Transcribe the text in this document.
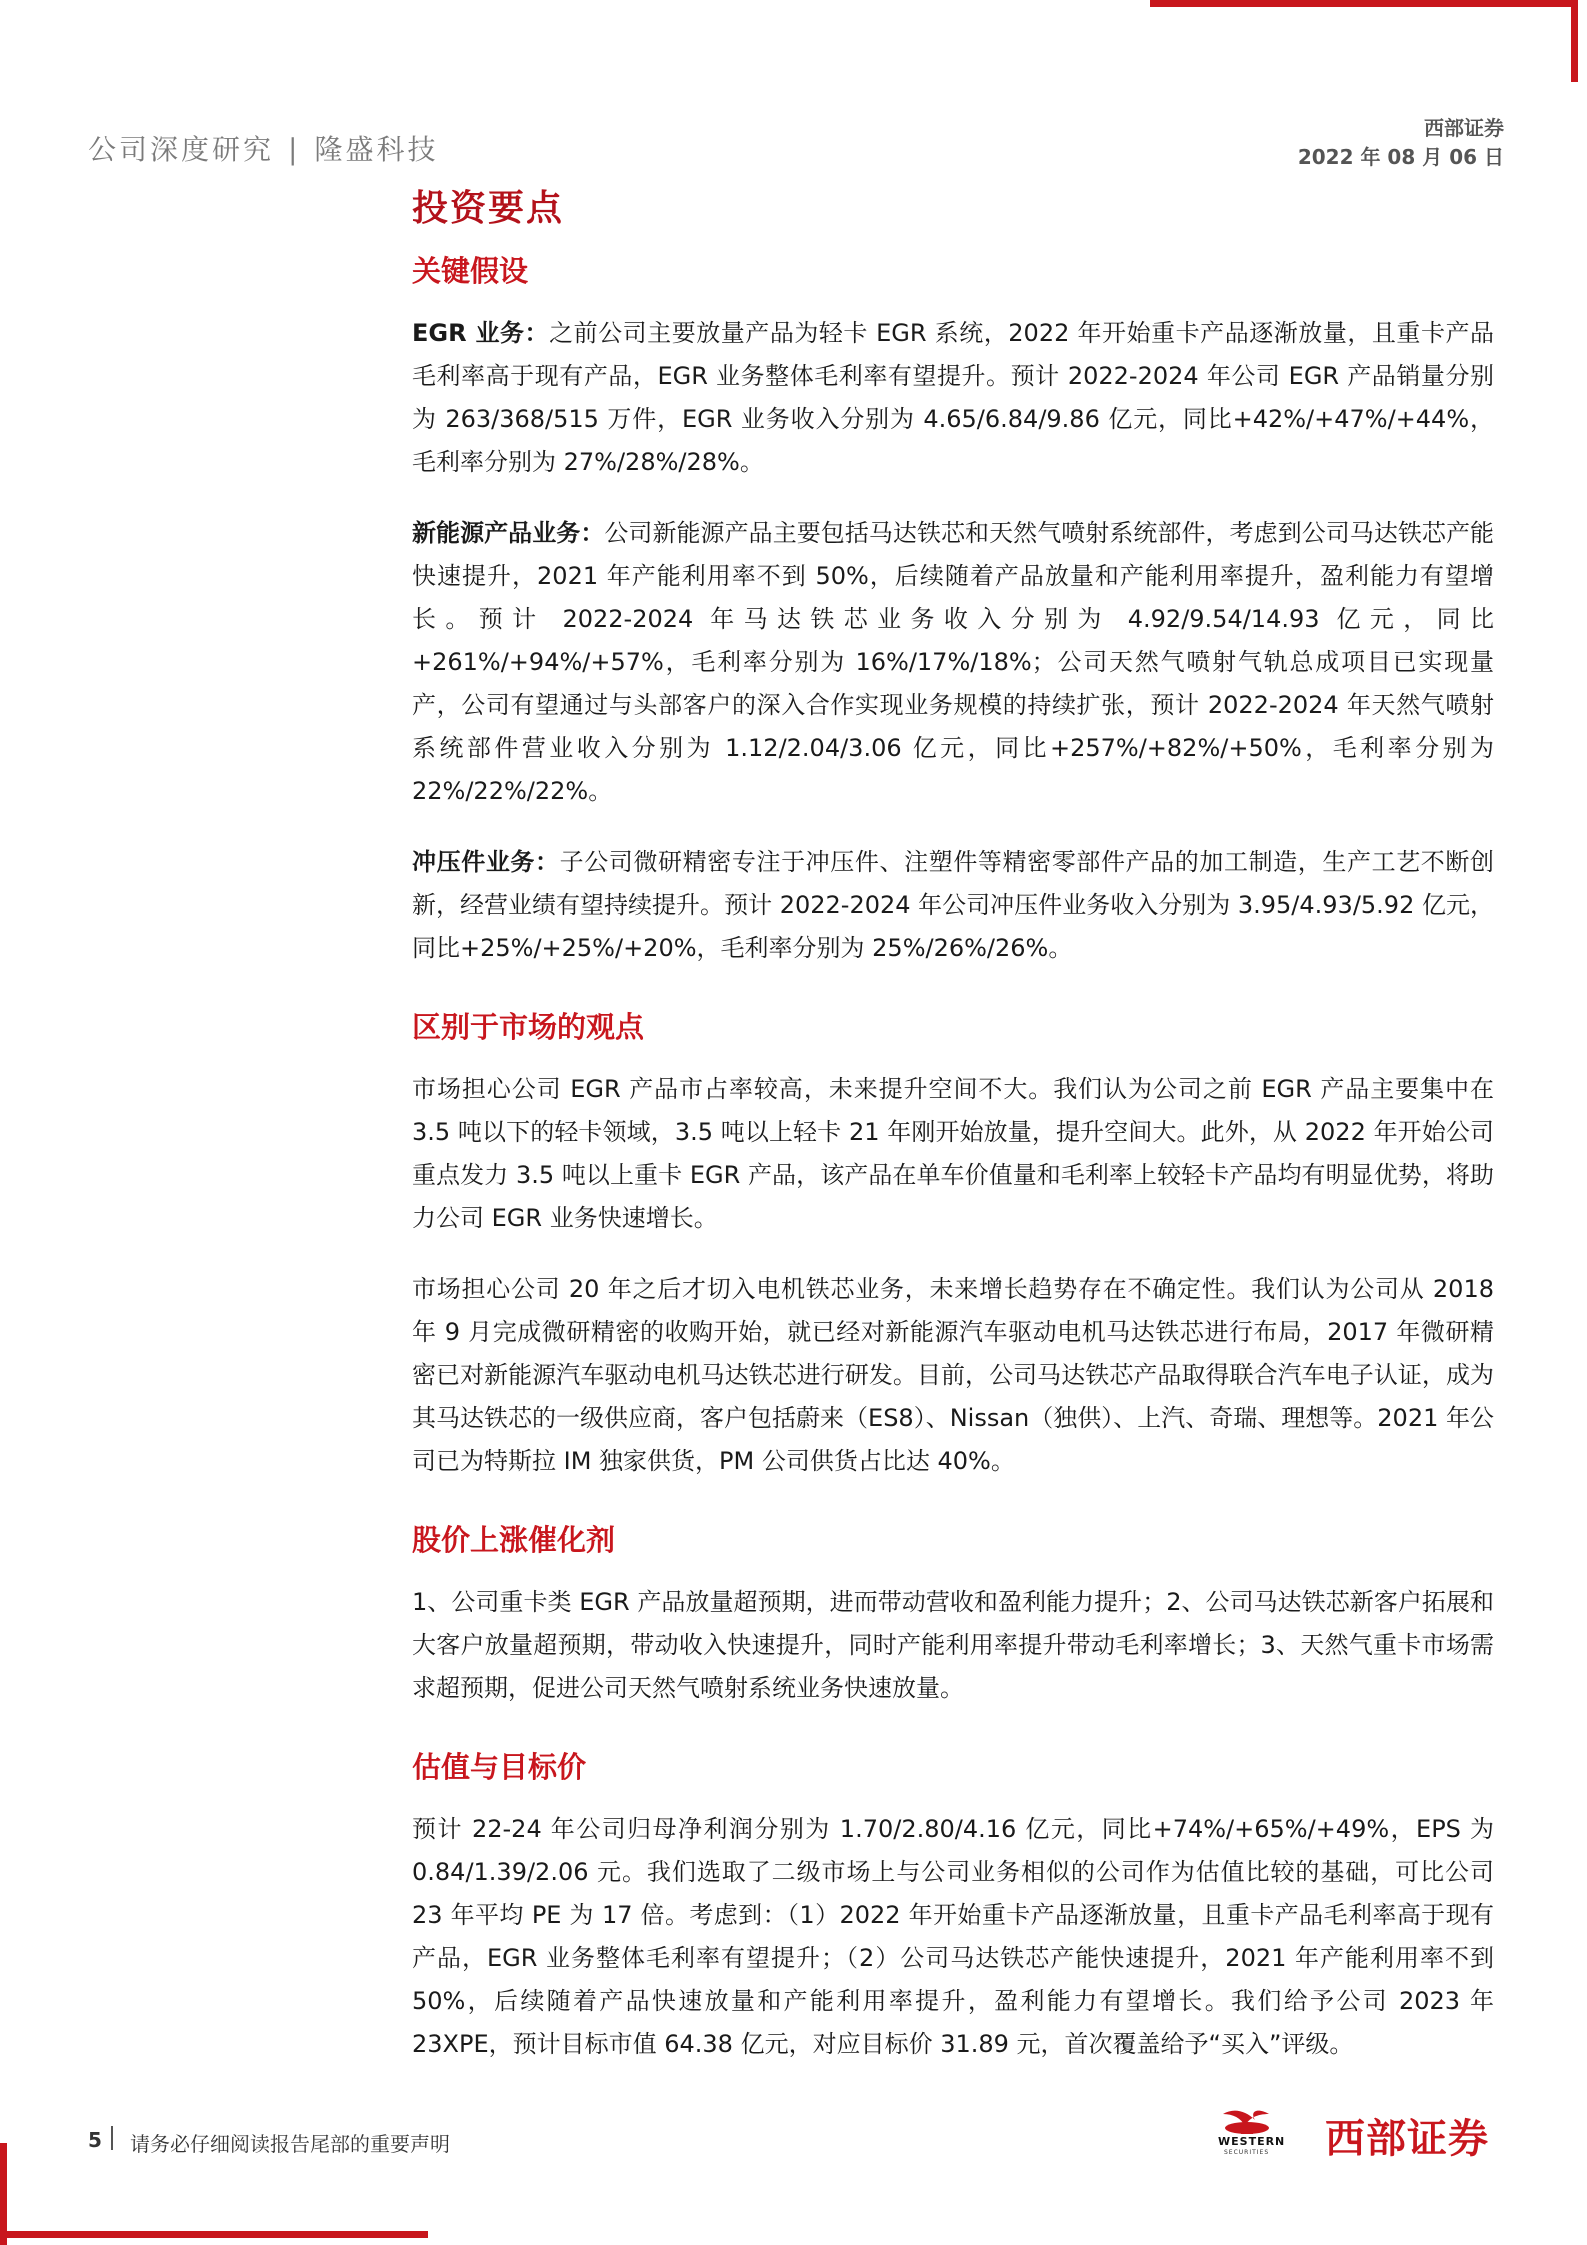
公司深度研究 | 隆盛科技
西部证券
2022 年 08 月 06 日
投资要点
关键假设

EGR 业务：之前公司主要放量产品为轻卡 EGR 系统，2022 年开始重卡产品逐渐放量，且重卡产品毛利率高于现有产品，EGR 业务整体毛利率有望提升。预计 2022-2024 年公司 EGR 产品销量分别为 263/368/515 万件，EGR 业务收入分别为 4.65/6.84/9.86 亿元，同比+42%/+47%/+44%，毛利率分别为 27%/28%/28%。

新能源产品业务：公司新能源产品主要包括马达铁芯和天然气喷射系统部件，考虑到公司马达铁芯产能快速提升，2021 年产能利用率不到 50%，后续随着产品放量和产能利用率提升，盈利能力有望增长。预计 2022-2024 年马达铁芯业务收入分别为 4.92/9.54/14.93 亿元，同比+261%/+94%/+57%，毛利率分别为 16%/17%/18%；公司天然气喷射气轨总成项目已实现量产，公司有望通过与头部客户的深入合作实现业务规模的持续扩张，预计 2022-2024 年天然气喷射系统部件营业收入分别为 1.12/2.04/3.06 亿元，同比+257%/+82%/+50%，毛利率分别为 22%/22%/22%。

冲压件业务：子公司微研精密专注于冲压件、注塑件等精密零部件产品的加工制造，生产工艺不断创新，经营业绩有望持续提升。预计 2022-2024 年公司冲压件业务收入分别为 3.95/4.93/5.92 亿元，同比+25%/+25%/+20%，毛利率分别为 25%/26%/26%。

区别于市场的观点

市场担心公司 EGR 产品市占率较高，未来提升空间不大。我们认为公司之前 EGR 产品主要集中在 3.5 吨以下的轻卡领域，3.5 吨以上轻卡 21 年刚开始放量，提升空间大。此外，从 2022 年开始公司重点发力 3.5 吨以上重卡 EGR 产品，该产品在单车价值量和毛利率上较轻卡产品均有明显优势，将助力公司 EGR 业务快速增长。

市场担心公司 20 年之后才切入电机铁芯业务，未来增长趋势存在不确定性。我们认为公司从 2018 年 9 月完成微研精密的收购开始，就已经对新能源汽车驱动电机马达铁芯进行布局，2017 年微研精密已对新能源汽车驱动电机马达铁芯进行研发。目前，公司马达铁芯产品取得联合汽车电子认证，成为其马达铁芯的一级供应商，客户包括蔚来（ES8）、Nissan（独供）、上汽、奇瑞、理想等。2021 年公司已为特斯拉 IM 独家供货，PM 公司供货占比达 40%。

股价上涨催化剂

1、公司重卡类 EGR 产品放量超预期，进而带动营收和盈利能力提升；2、公司马达铁芯新客户拓展和大客户放量超预期，带动收入快速提升，同时产能利用率提升带动毛利率增长；3、天然气重卡市场需求超预期，促进公司天然气喷射系统业务快速放量。

估值与目标价

预计 22-24 年公司归母净利润分别为 1.70/2.80/4.16 亿元，同比+74%/+65%/+49%，EPS 为 0.84/1.39/2.06 元。我们选取了二级市场上与公司业务相似的公司作为估值比较的基础，可比公司 23 年平均 PE 为 17 倍。考虑到：（1）2022 年开始重卡产品逐渐放量，且重卡产品毛利率高于现有产品，EGR 业务整体毛利率有望提升；（2）公司马达铁芯产能快速提升，2021 年产能利用率不到 50%，后续随着产品快速放量和产能利用率提升，盈利能力有望增长。我们给予公司 2023 年 23XPE，预计目标市值 64.38 亿元，对应目标价 31.89 元，首次覆盖给予“买入”评级。

5 请务必仔细阅读报告尾部的重要声明	WESTERN
SECURITIES 西部证券
